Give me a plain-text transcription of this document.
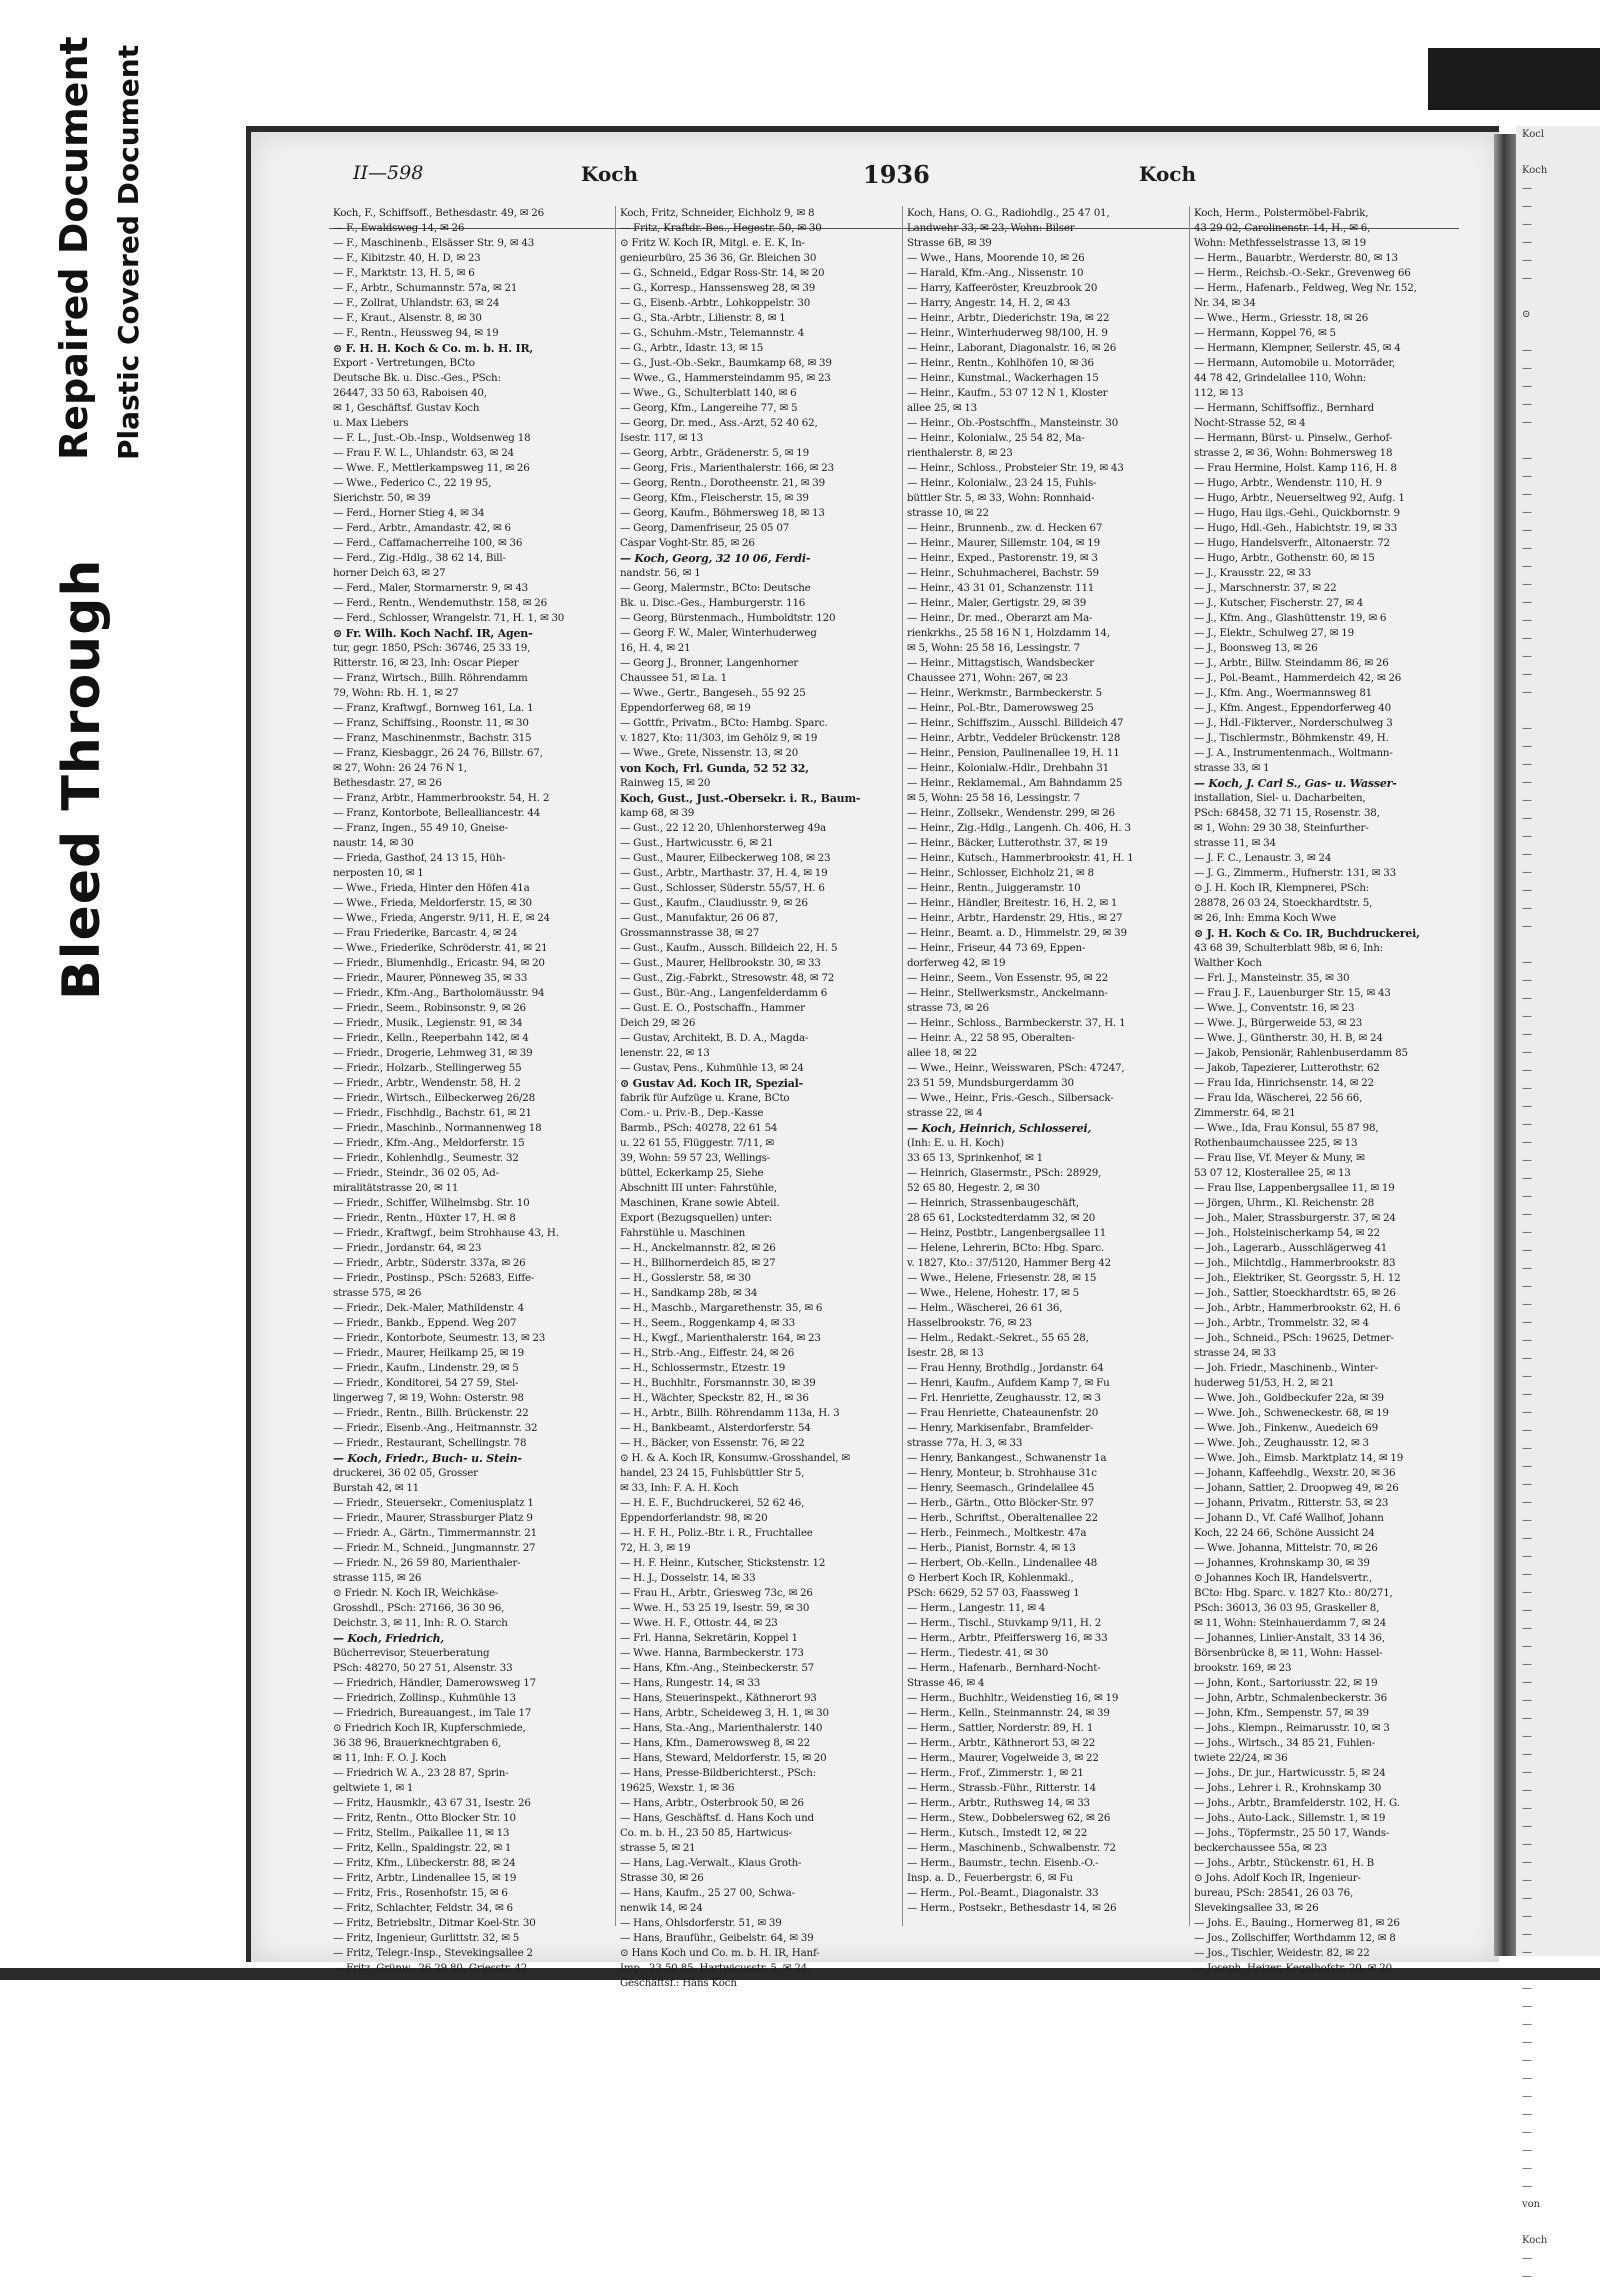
Bleed Through
Repaired Document Plastic Covered Document	II—598	Koch	1936	Koch
Koch, F., Schiffsoff., Bethesdastr. 49, ✉ 26
— F., Ewaldsweg 14, ✉ 26
— F., Maschinenb., Elsässer Str. 9, ✉ 43
— F., Kibitzstr. 40, H. D, ✉ 23
— F., Marktstr. 13, H. 5, ✉ 6
— F., Arbtr., Schumannstr. 57a, ✉ 21
— F., Zollrat, Uhlandstr. 63, ✉ 24
— F., Kraut., Alsenstr. 8, ✉ 30
— F., Rentn., Heussweg 94, ✉ 19
⊙ F. H. H. Koch & Co. m. b. H. IR,
Export - Vertretungen, BCto
Deutsche Bk. u. Disc.-Ges., PSch:
26447, 33 50 63, Raboisen 40,
✉ 1, Geschäftsf. Gustav Koch
u. Max Liebers
— F. L., Just.-Ob.-Insp., Woldsenweg 18
— Frau F. W. L., Uhlandstr. 63, ✉ 24
— Wwe. F., Mettlerkampsweg 11, ✉ 26
— Wwe., Federico C., 22 19 95,
Sierichstr. 50, ✉ 39
— Ferd., Horner Stieg 4, ✉ 34
— Ferd., Arbtr., Amandastr. 42, ✉ 6
— Ferd., Caffamacherreihe 100, ✉ 36
— Ferd., Zig.-Hdlg., 38 62 14, Bill-
horner Deich 63, ✉ 27
— Ferd., Maler, Stormarnerstr. 9, ✉ 43
— Ferd., Rentn., Wendemuthstr. 158, ✉ 26
— Ferd., Schlosser, Wrangelstr. 71, H. 1, ✉ 30
⊙ Fr. Wilh. Koch Nachf. IR, Agen-
tur, gegr. 1850, PSch: 36746, 25 33 19,
Ritterstr. 16, ✉ 23, Inh: Oscar Pieper
— Franz, Wirtsch., Billh. Röhrendamm
79, Wohn: Rb. H. 1, ✉ 27
— Franz, Kraftwgf., Bornweg 161, La. 1
— Franz, Schiffsing., Roonstr. 11, ✉ 30
— Franz, Maschinenmstr., Bachstr. 315
— Franz, Kiesbaggr., 26 24 76, Billstr. 67,
✉ 27, Wohn: 26 24 76 N 1,
Bethesdastr. 27, ✉ 26
— Franz, Arbtr., Hammerbrookstr. 54, H. 2
— Franz, Kontorbote, Bellealliancestr. 44
— Franz, Ingen., 55 49 10, Gneise-
naustr. 14, ✉ 30
— Frieda, Gasthof, 24 13 15, Hüh-
nerposten 10, ✉ 1
— Wwe., Frieda, Hinter den Höfen 41a
— Wwe., Frieda, Meldorferstr. 15, ✉ 30
— Wwe., Frieda, Angerstr. 9/11, H. E, ✉ 24
— Frau Friederike, Barcastr. 4, ✉ 24
— Wwe., Friederike, Schröderstr. 41, ✉ 21
— Friedr., Blumenhdlg., Ericastr. 94, ✉ 20
— Friedr., Maurer, Pönneweg 35, ✉ 33
— Friedr., Kfm.-Ang., Bartholomäusstr. 94
— Friedr., Seem., Robinsonstr. 9, ✉ 26
— Friedr., Musik., Legienstr. 91, ✉ 34
— Friedr., Kelln., Reeperbahn 142, ✉ 4
— Friedr., Drogerie, Lehmweg 31, ✉ 39
— Friedr., Holzarb., Stellingerweg 55
— Friedr., Arbtr., Wendenstr. 58, H. 2
— Friedr., Wirtsch., Eilbeckerweg 26/28
— Friedr., Fischhdlg., Bachstr. 61, ✉ 21
— Friedr., Maschinb., Normannenweg 18
— Friedr., Kfm.-Ang., Meldorferstr. 15
— Friedr., Kohlenhdlg., Seumestr. 32
— Friedr., Steindr., 36 02 05, Ad-
miralitätstrasse 20, ✉ 11
— Friedr., Schiffer, Wilhelmsbg. Str. 10
— Friedr., Rentn., Hüxter 17, H. ✉ 8
— Friedr., Kraftwgf., beim Strohhause 43, H.
— Friedr., Jordanstr. 64, ✉ 23
— Friedr., Arbtr., Süderstr. 337a, ✉ 26
— Friedr., Postinsp., PSch: 52683, Eiffe-
strasse 575, ✉ 26
— Friedr., Dek.-Maler, Mathildenstr. 4
— Friedr., Bankb., Eppend. Weg 207
— Friedr., Kontorbote, Seumestr. 13, ✉ 23
— Friedr., Maurer, Heilkamp 25, ✉ 19
— Friedr., Kaufm., Lindenstr. 29, ✉ 5
— Friedr., Konditorei, 54 27 59, Stel-
lingerweg 7, ✉ 19, Wohn: Osterstr. 98
— Friedr., Rentn., Billh. Brückenstr. 22
— Friedr., Eisenb.-Ang., Heitmannstr. 32
— Friedr., Restaurant, Schellingstr. 78
— Koch, Friedr., Buch- u. Stein-
druckerei, 36 02 05, Grosser
Burstah 42, ✉ 11
— Friedr., Steuersekr., Comeniusplatz 1
— Friedr., Maurer, Strassburger Platz 9
— Friedr. A., Gärtn., Timmermannstr. 21
— Friedr. M., Schneid., Jungmannstr. 27
— Friedr. N., 26 59 80, Marienthaler-
strasse 115, ✉ 26
⊙ Friedr. N. Koch IR, Weichkäse-
Grosshdl., PSch: 27166, 36 30 96,
Deichstr. 3, ✉ 11, Inh: R. O. Starch
— Koch, Friedrich,
Bücherrevisor, Steuerberatung
PSch: 48270, 50 27 51, Alsenstr. 33
— Friedrich, Händler, Damerowsweg 17
— Friedrich, Zollinsp., Kuhmühle 13
— Friedrich, Bureauangest., im Tale 17
⊙ Friedrich Koch IR, Kupferschmiede,
36 38 96, Brauerknechtgraben 6,
✉ 11, Inh: F. O. J. Koch
— Friedrich W. A., 23 28 87, Sprin-
geltwiete 1, ✉ 1
— Fritz, Hausmklr., 43 67 31, Isestr. 26
— Fritz, Rentn., Otto Blocker Str. 10
— Fritz, Stellm., Paikallee 11, ✉ 13
— Fritz, Kelln., Spaldingstr. 22, ✉ 1
— Fritz, Kfm., Lübeckerstr. 88, ✉ 24
— Fritz, Arbtr., Lindenallee 15, ✉ 19
— Fritz, Fris., Rosenhofstr. 15, ✉ 6
— Fritz, Schlachter, Feldstr. 34, ✉ 6
— Fritz, Betriebsltr., Ditmar Koel-Str. 30
— Fritz, Ingenieur, Gurlittstr. 32, ✉ 5
— Fritz, Telegr.-Insp., Stevekingsallee 2
— Fritz, Grünw., 26 29 80, Griesstr. 42
Koch, Fritz, Schneider, Eichholz 9, ✉ 8
— Fritz, Kraftdr.-Bes., Hegestr. 50, ✉ 30
⊙ Fritz W. Koch IR, Mitgl. e. E. K, In-
genieurbüro, 25 36 36, Gr. Bleichen 30
— G., Schneid., Edgar Ross-Str. 14, ✉ 20
— G., Korresp., Hanssensweg 28, ✉ 39
— G., Eisenb.-Arbtr., Lohkoppelstr. 30
— G., Sta.-Arbtr., Lilienstr. 8, ✉ 1
— G., Schuhm.-Mstr., Telemannstr. 4
— G., Arbtr., Idastr. 13, ✉ 15
— G., Just.-Ob.-Sekr., Baumkamp 68, ✉ 39
— Wwe., G., Hammersteindamm 95, ✉ 23
— Wwe., G., Schulterblatt 140, ✉ 6
— Georg, Kfm., Langereihe 77, ✉ 5
— Georg, Dr. med., Ass.-Arzt, 52 40 62,
Isestr. 117, ✉ 13
— Georg, Arbtr., Grädenerstr. 5, ✉ 19
— Georg, Fris., Marienthalerstr. 166, ✉ 23
— Georg, Rentn., Dorotheenstr. 21, ✉ 39
— Georg, Kfm., Fleischerstr. 15, ✉ 39
— Georg, Kaufm., Böhmersweg 18, ✉ 13
— Georg, Damenfriseur, 25 05 07
Caspar Voght-Str. 85, ✉ 26
— Koch, Georg, 32 10 06, Ferdi-
nandstr. 56, ✉ 1
— Georg, Malermstr., BCto: Deutsche
Bk. u. Disc.-Ges., Hamburgerstr. 116
— Georg, Bürstenmach., Humboldtstr. 120
— Georg F. W., Maler, Winterhuderweg
16, H. 4, ✉ 21
— Georg J., Bronner, Langenhorner
Chaussee 51, ✉ La. 1
— Wwe., Gertr., Bangeseh., 55 92 25
Eppendorferweg 68, ✉ 19
— Gottfr., Privatm., BCto: Hambg. Sparc.
v. 1827, Kto: 11/303, im Gehölz 9, ✉ 19
— Wwe., Grete, Nissenstr. 13, ✉ 20
von Koch, Frl. Gunda, 52 52 32,
Rainweg 15, ✉ 20
Koch, Gust., Just.-Obersekr. i. R., Baum-
kamp 68, ✉ 39
— Gust., 22 12 20, Uhlenhorsterweg 49a
— Gust., Hartwicusstr. 6, ✉ 21
— Gust., Maurer, Eilbeckerweg 108, ✉ 23
— Gust., Arbtr., Marthastr. 37, H. 4, ✉ 19
— Gust., Schlosser, Süderstr. 55/57, H. 6
— Gust., Kaufm., Claudiusstr. 9, ✉ 26
— Gust., Manufaktur, 26 06 87,
Grossmannstrasse 38, ✉ 27
— Gust., Kaufm., Aussch. Billdeich 22, H. 5
— Gust., Maurer, Hellbrookstr. 30, ✉ 33
— Gust., Zig.-Fabrkt., Stresowstr. 48, ✉ 72
— Gust., Bür.-Ang., Langenfelderdamm 6
— Gust. E. O., Postschaffn., Hammer
Deich 29, ✉ 26
— Gustav, Architekt, B. D. A., Magda-
lenenstr. 22, ✉ 13
— Gustav, Pens., Kuhmühle 13, ✉ 24
⊙ Gustav Ad. Koch IR, Spezial-
fabrik für Aufzüge u. Krane, BCto
Com.- u. Priv.-B., Dep.-Kasse
Barmb., PSch: 40278, 22 61 54
u. 22 61 55, Flüggestr. 7/11, ✉
39, Wohn: 59 57 23, Wellings-
büttel, Eckerkamp 25, Siehe
Abschnitt III unter: Fahrstühle,
Maschinen, Krane sowie Abteil.
Export (Bezugsquellen) unter:
Fahrstühle u. Maschinen
— H., Anckelmannstr. 82, ✉ 26
— H., Billhornerdeich 85, ✉ 27
— H., Gosslerstr. 58, ✉ 30
— H., Sandkamp 28b, ✉ 34
— H., Maschb., Margarethenstr. 35, ✉ 6
— H., Seem., Roggenkamp 4, ✉ 33
— H., Kwgf., Marienthalerstr. 164, ✉ 23
— H., Strb.-Ang., Eiffestr. 24, ✉ 26
— H., Schlossermstr., Etzestr. 19
— H., Buchhltr., Forsmannstr. 30, ✉ 39
— H., Wächter, Speckstr. 82, H., ✉ 36
— H., Arbtr., Billh. Röhrendamm 113a, H. 3
— H., Bankbeamt., Alsterdorferstr. 54
— H., Bäcker, von Essenstr. 76, ✉ 22
⊙ H. & A. Koch IR, Konsumw.-Grosshandel, ✉
handel, 23 24 15, Fuhlsbüttler Str 5,
✉ 33, Inh: F. A. H. Koch
— H. E. F., Buchdruckerei, 52 62 46,
Eppendorferlandstr. 98, ✉ 20
— H. F. H., Poliz.-Btr. i. R., Fruchtallee
72, H. 3, ✉ 19
— H. F. Heinr., Kutscher, Stickstenstr. 12
— H. J., Dosselstr. 14, ✉ 33
— Frau H., Arbtr., Griesweg 73c, ✉ 26
— Wwe. H., 53 25 19, Isestr. 59, ✉ 30
— Wwe. H. F., Ottostr. 44, ✉ 23
— Frl. Hanna, Sekretärin, Koppel 1
— Wwe. Hanna, Barmbeckerstr. 173
— Hans, Kfm.-Ang., Steinbeckerstr. 57
— Hans, Rungestr. 14, ✉ 33
— Hans, Steuerinspekt., Käthnerort 93
— Hans, Arbtr., Scheideweg 3, H. 1, ✉ 30
— Hans, Sta.-Ang., Marienthalerstr. 140
— Hans, Kfm., Damerowsweg 8, ✉ 22
— Hans, Steward, Meldorferstr. 15, ✉ 20
— Hans, Presse-Bildberichterst., PSch:
19625, Wexstr. 1, ✉ 36
— Hans, Arbtr., Osterbrook 50, ✉ 26
— Hans, Geschäftsf. d. Hans Koch und
Co. m. b. H., 23 50 85, Hartwicus-
strasse 5, ✉ 21
— Hans, Lag.-Verwalt., Klaus Groth-
Strasse 30, ✉ 26
— Hans, Kaufm., 25 27 00, Schwa-
nenwik 14, ✉ 24
— Hans, Ohlsdorferstr. 51, ✉ 39
— Hans, Brauführ., Geibelstr. 64, ✉ 39
⊙ Hans Koch und Co. m. b. H. IR, Hanf-
Imp., 23 50 85, Hartwicusstr. 5, ✉ 24,
Geschäftsf.: Hans Koch
Koch, Hans, O. G., Radiohdlg., 25 47 01,
Landwehr 33, ✉ 23, Wohn: Bilser
Strasse 6B, ✉ 39
— Wwe., Hans, Moorende 10, ✉ 26
— Harald, Kfm.-Ang., Nissenstr. 10
— Harry, Kaffeeröster, Kreuzbrook 20
— Harry, Angestr. 14, H. 2, ✉ 43
— Heinr., Arbtr., Diederichstr. 19a, ✉ 22
— Heinr., Winterhuderweg 98/100, H. 9
— Heinr., Laborant, Diagonalstr. 16, ✉ 26
— Heinr., Rentn., Kohlhöfen 10, ✉ 36
— Heinr., Kunstmal., Wackerhagen 15
— Heinr., Kaufm., 53 07 12 N 1, Kloster
allee 25, ✉ 13
— Heinr., Ob.-Postschffn., Mansteinstr. 30
— Heinr., Kolonialw., 25 54 82, Ma-
rienthalerstr. 8, ✉ 23
— Heinr., Schloss., Probsteier Str. 19, ✉ 43
— Heinr., Kolonialw., 23 24 15, Fuhls-
büttler Str. 5, ✉ 33, Wohn: Ronnhaid-
strasse 10, ✉ 22
— Heinr., Brunnenb., zw. d. Hecken 67
— Heinr., Maurer, Sillemstr. 104, ✉ 19
— Heinr., Exped., Pastorenstr. 19, ✉ 3
— Heinr., Schuhmacherei, Bachstr. 59
— Heinr., 43 31 01, Schanzenstr. 111
— Heinr., Maler, Gertigstr. 29, ✉ 39
— Heinr., Dr. med., Oberarzt am Ma-
rienkrkhs., 25 58 16 N 1, Holzdamm 14,
✉ 5, Wohn: 25 58 16, Lessingstr. 7
— Heinr., Mittagstisch, Wandsbecker
Chaussee 271, Wohn: 267, ✉ 23
— Heinr., Werkmstr., Barmbeckerstr. 5
— Heinr., Pol.-Btr., Damerowsweg 25
— Heinr., Schiffszim., Ausschl. Billdeich 47
— Heinr., Arbtr., Veddeler Brückenstr. 128
— Heinr., Pension, Paulinenallee 19, H. 11
— Heinr., Kolonialw.-Hdlr., Drehbahn 31
— Heinr., Reklamemal., Am Bahndamm 25
✉ 5, Wohn: 25 58 16, Lessingstr. 7
— Heinr., Zollsekr., Wendenstr. 299, ✉ 26
— Heinr., Zig.-Hdlg., Langenh. Ch. 406, H. 3
— Heinr., Bäcker, Lutterothstr. 37, ✉ 19
— Heinr., Kutsch., Hammerbrookstr. 41, H. 1
— Heinr., Schlosser, Eichholz 21, ✉ 8
— Heinr., Rentn., Juiggeramstr. 10
— Heinr., Händler, Breitestr. 16, H. 2, ✉ 1
— Heinr., Arbtr., Hardenstr. 29, Htis., ✉ 27
— Heinr., Beamt. a. D., Himmelstr. 29, ✉ 39
— Heinr., Friseur, 44 73 69, Eppen-
dorferweg 42, ✉ 19
— Heinr., Seem., Von Essenstr. 95, ✉ 22
— Heinr., Stellwerksmstr., Anckelmann-
strasse 73, ✉ 26
— Heinr., Schloss., Barmbeckerstr. 37, H. 1
— Heinr. A., 22 58 95, Oberalten-
allee 18, ✉ 22
— Wwe., Heinr., Weisswaren, PSch: 47247,
23 51 59, Mundsburgerdamm 30
— Wwe., Heinr., Fris.-Gesch., Silbersack-
strasse 22, ✉ 4
— Koch, Heinrich, Schlosserei,
(Inh: E. u. H. Koch)
33 65 13, Sprinkenhof, ✉ 1
— Heinrich, Glasermstr., PSch: 28929,
52 65 80, Hegestr. 2, ✉ 30
— Heinrich, Strassenbaugeschäft,
28 65 61, Lockstedterdamm 32, ✉ 20
— Heinz, Postbtr., Langenbergsallee 11
— Helene, Lehrerin, BCto: Hbg. Sparc.
v. 1827, Kto.: 37/5120, Hammer Berg 42
— Wwe., Helene, Friesenstr. 28, ✉ 15
— Wwe., Helene, Hohestr. 17, ✉ 5
— Helm., Wäscherei, 26 61 36,
Hasselbrookstr. 76, ✉ 23
— Helm., Redakt.-Sekret., 55 65 28,
Isestr. 28, ✉ 13
— Frau Henny, Brothdlg., Jordanstr. 64
— Henri, Kaufm., Aufdem Kamp 7, ✉ Fu
— Frl. Henriette, Zeughausstr. 12, ✉ 3
— Frau Henriette, Chateaunenfstr. 20
— Henry, Markisenfabr., Bramfelder-
strasse 77a, H. 3, ✉ 33
— Henry, Bankangest., Schwanenstr 1a
— Henry, Monteur, b. Strohhause 31c
— Henry, Seemasch., Grindelallee 45
— Herb., Gärtn., Otto Blöcker-Str. 97
— Herb., Schriftst., Oberaltenallee 22
— Herb., Feinmech., Moltkestr. 47a
— Herb., Pianist, Bornstr. 4, ✉ 13
— Herbert, Ob.-Kelln., Lindenallee 48
⊙ Herbert Koch IR, Kohlenmakl.,
PSch: 6629, 52 57 03, Faassweg 1
— Herm., Langestr. 11, ✉ 4
— Herm., Tischl., Stuvkamp 9/11, H. 2
— Herm., Arbtr., Pfeifferswerg 16, ✉ 33
— Herm., Tiedestr. 41, ✉ 30
— Herm., Hafenarb., Bernhard-Nocht-
Strasse 46, ✉ 4
— Herm., Buchhltr., Weidenstieg 16, ✉ 19
— Herm., Kelln., Steinmannstr. 24, ✉ 39
— Herm., Sattler, Norderstr. 89, H. 1
— Herm., Arbtr., Käthnerort 53, ✉ 22
— Herm., Maurer, Vogelweide 3, ✉ 22
— Herm., Frof., Zimmerstr. 1, ✉ 21
— Herm., Strassb.-Führ., Ritterstr. 14
— Herm., Arbtr., Ruthsweg 14, ✉ 33
— Herm., Stew., Dobbelersweg 62, ✉ 26
— Herm., Kutsch., Imstedt 12, ✉ 22
— Herm., Maschinenb., Schwalbenstr. 72
— Herm., Baumstr., techn. Eisenb.-O.-
Insp. a. D., Feuerbergstr. 6, ✉ Fu
— Herm., Pol.-Beamt., Diagonalstr. 33
— Herm., Postsekr., Bethesdastr 14, ✉ 26
Koch, Herm., Polstermöbel-Fabrik,
43 29 02, Carolinenstr. 14, H., ✉ 6,
Wohn: Methfesselstrasse 13, ✉ 19
— Herm., Bauarbtr., Werderstr. 80, ✉ 13
— Herm., Reichsb.-O.-Sekr., Grevenweg 66
— Herm., Hafenarb., Feldweg, Weg Nr. 152,
Nr. 34, ✉ 34
— Wwe., Herm., Griesstr. 18, ✉ 26
— Hermann, Koppel 76, ✉ 5
— Hermann, Klempner, Seilerstr. 45, ✉ 4
— Hermann, Automobile u. Motorräder,
44 78 42, Grindelallee 110, Wohn:
112, ✉ 13
— Hermann, Schiffsoffiz., Bernhard
Nocht-Strasse 52, ✉ 4
— Hermann, Bürst- u. Pinselw., Gerhof-
strasse 2, ✉ 36, Wohn: Bohmersweg 18
— Frau Hermine, Holst. Kamp 116, H. 8
— Hugo, Arbtr., Wendenstr. 110, H. 9
— Hugo, Arbtr., Neuerseltweg 92, Aufg. 1
— Hugo, Hau ilgs.-Gehi., Quickbornstr. 9
— Hugo, Hdl.-Geh., Habichtstr. 19, ✉ 33
— Hugo, Handelsverfr., Altonaerstr. 72
— Hugo, Arbtr., Gothenstr. 60, ✉ 15
— J., Krausstr. 22, ✉ 33
— J., Marschnerstr. 37, ✉ 22
— J., Kutscher, Fischerstr. 27, ✉ 4
— J., Kfm. Ang., Glashüttenstr. 19, ✉ 6
— J., Elektr., Schulweg 27, ✉ 19
— J., Boonsweg 13, ✉ 26
— J., Arbtr., Billw. Steindamm 86, ✉ 26
— J., Pol.-Beamt., Hammerdeich 42, ✉ 26
— J., Kfm. Ang., Woermannsweg 81
— J., Kfm. Angest., Eppendorferweg 40
— J., Hdl.-Fikterver., Norderschulweg 3
— J., Tischlermstr., Böhmkenstr. 49, H.
— J. A., Instrumentenmach., Woltmann-
strasse 33, ✉ 1
— Koch, J. Carl S., Gas- u. Wasser-
installation, Siel- u. Dacharbeiten,
PSch: 68458, 32 71 15, Rosenstr. 38,
✉ 1, Wohn: 29 30 38, Steinfurther-
strasse 11, ✉ 34
— J. F. C., Lenaustr. 3, ✉ 24
— J. G., Zimmerm., Hufnerstr. 131, ✉ 33
⊙ J. H. Koch IR, Klempnerei, PSch:
28878, 26 03 24, Stoeckhardtstr. 5,
✉ 26, Inh: Emma Koch Wwe
⊙ J. H. Koch & Co. IR, Buchdruckerei,
43 68 39, Schulterblatt 98b, ✉ 6, Inh:
Walther Koch
— Frl. J., Mansteinstr. 35, ✉ 30
— Frau J. F., Lauenburger Str. 15, ✉ 43
— Wwe. J., Conventstr. 16, ✉ 23
— Wwe. J., Bürgerweide 53, ✉ 23
— Wwe. J., Güntherstr. 30, H. B, ✉ 24
— Jakob, Pensionär, Rahlenbuserdamm 85
— Jakob, Tapezierer, Lutterothstr. 62
— Frau Ida, Hinrichsenstr. 14, ✉ 22
— Frau Ida, Wäscherei, 22 56 66,
Zimmerstr. 64, ✉ 21
— Wwe., Ida, Frau Konsul, 55 87 98,
Rothenbaumchaussee 225, ✉ 13
— Frau Ilse, Vf. Meyer & Muny, ✉
53 07 12, Klosterallee 25, ✉ 13
— Frau Ilse, Lappenbergsallee 11, ✉ 19
— Jörgen, Uhrm., Kl. Reichenstr. 28
— Joh., Maler, Strassburgerstr. 37, ✉ 24
— Joh., Holsteinischerkamp 54, ✉ 22
— Joh., Lagerarb., Ausschlägerweg 41
— Joh., Milchtdlg., Hammerbrookstr. 83
— Joh., Elektriker, St. Georgsstr. 5, H. 12
— Joh., Sattler, Stoeckhardtstr. 65, ✉ 26
— Joh., Arbtr., Hammerbrookstr. 62, H. 6
— Joh., Arbtr., Trommelstr. 32, ✉ 4
— Joh., Schneid., PSch: 19625, Detmer-
strasse 24, ✉ 33
— Joh. Friedr., Maschinenb., Winter-
huderweg 51/53, H. 2, ✉ 21
— Wwe. Joh., Goldbeckufer 22a, ✉ 39
— Wwe. Joh., Schweneckestr. 68, ✉ 19
— Wwe. Joh., Finkenw., Auedeich 69
— Wwe. Joh., Zeughausstr. 12, ✉ 3
— Wwe. Joh., Eimsb. Marktplatz 14, ✉ 19
— Johann, Kaffeehdlg., Wexstr. 20, ✉ 36
— Johann, Sattler, 2. Droopweg 49, ✉ 26
— Johann, Privatm., Ritterstr. 53, ✉ 23
— Johann D., Vf. Café Wallhof, Johann
Koch, 22 24 66, Schöne Aussicht 24
— Wwe. Johanna, Mittelstr. 70, ✉ 26
— Johannes, Krohnskamp 30, ✉ 39
⊙ Johannes Koch IR, Handelsvertr.,
BCto: Hbg. Sparc. v. 1827 Kto.: 80/271,
PSch: 36013, 36 03 95, Graskeller 8,
✉ 11, Wohn: Steinhauerdamm 7, ✉ 24
— Johannes, Linlier-Anstalt, 33 14 36,
Börsenbrücke 8, ✉ 11, Wohn: Hassel-
brookstr. 169, ✉ 23
— John, Kont., Sartoriusstr. 22, ✉ 19
— John, Arbtr., Schmalenbeckerstr. 36
— John, Kfm., Sempenstr. 57, ✉ 39
— Johs., Klempn., Reimarusstr. 10, ✉ 3
— Johs., Wirtsch., 34 85 21, Fuhlen-
twiete 22/24, ✉ 36
— Johs., Dr. jur., Hartwicusstr. 5, ✉ 24
— Johs., Lehrer i. R., Krohnskamp 30
— Johs., Arbtr., Bramfelderstr. 102, H. G.
— Johs., Auto-Lack., Sillemstr. 1, ✉ 19
— Johs., Töpfermstr., 25 50 17, Wands-
beckerchaussee 55a, ✉ 23
— Johs., Arbtr., Stückenstr. 61, H. B
⊙ Johs. Adolf Koch IR, Ingenieur-
bureau, PSch: 28541, 26 03 76,
Slevekingsallee 33, ✉ 26
— Johs. E., Bauing., Hornerweg 81, ✉ 26
— Jos., Zollschiffer, Worthdamm 12, ✉ 8
— Jos., Tischler, Weidestr. 82, ✉ 22
— Joseph, Heizer, Kegelhofstr. 20, ✉ 20
Kocl

Koch
—
—
—
—
—
—

⊙

—
—
—
—
—

—
—
—
—
—
—
—
—
—
—
—
—
—
—

—
—
—
—
—
—
—
—
—
—
—
—

—
—
—
—
—
—
—
—
—
—
—
—
—
—
—
—
—
—
—
—
—
—
—
—
—
—
—
—
—
—
—
—
—
—
—
—
—
—
—
—
—
—
—
—
—
—
—
—
—
—
—
—
—
—
—
—
—
—
—
—
—
—
—
—
—
—
—
—
—
von

Koch
—
—
